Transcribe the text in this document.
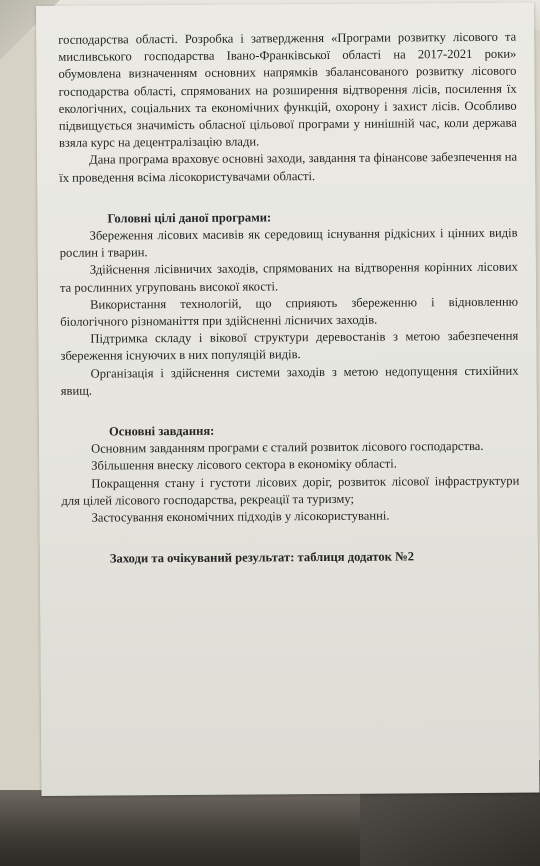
господарства області. Розробка і затвердження «Програми розвитку лісового та мисливського господарства Івано-Франківської області на 2017-2021 роки» обумовлена визначенням основних напрямків збалансованого розвитку лісового господарства області, спрямованих на розширення відтворення лісів, посилення їх екологічних, соціальних та економічних функцій, охорону і захист лісів. Особливо підвищується значимість обласної цільової програми у нинішній час, коли держава взяла курс на децентралізацію влади.

Дана програма враховує основні заходи, завдання та фінансове забезпечення на їх проведення всіма лісокористувачами області.

Головні цілі даної програми:

Збереження лісових масивів як середовищ існування рідкісних і цінних видів рослин і тварин.

Здійснення лісівничих заходів, спрямованих на відтворення корінних лісових та рослинних угруповань високої якості.

Використання технологій, що сприяють збереженню і відновленню біологічного різноманіття при здійсненні лісничих заходів.

Підтримка складу і вікової структури деревостанів з метою забезпечення збереження існуючих в них популяцій видів.

Організація і здійснення системи заходів з метою недопущення стихійних явищ.

Основні завдання:

Основним завданням програми є сталий розвиток лісового господарства.

Збільшення внеску лісового сектора в економіку області.

Покращення стану і густоти лісових доріг, розвиток лісової інфраструктури для цілей лісового господарства, рекреації та туризму;

Застосування економічних підходів у лісокористуванні.

Заходи та очікуваний результат: таблиця додаток №2
